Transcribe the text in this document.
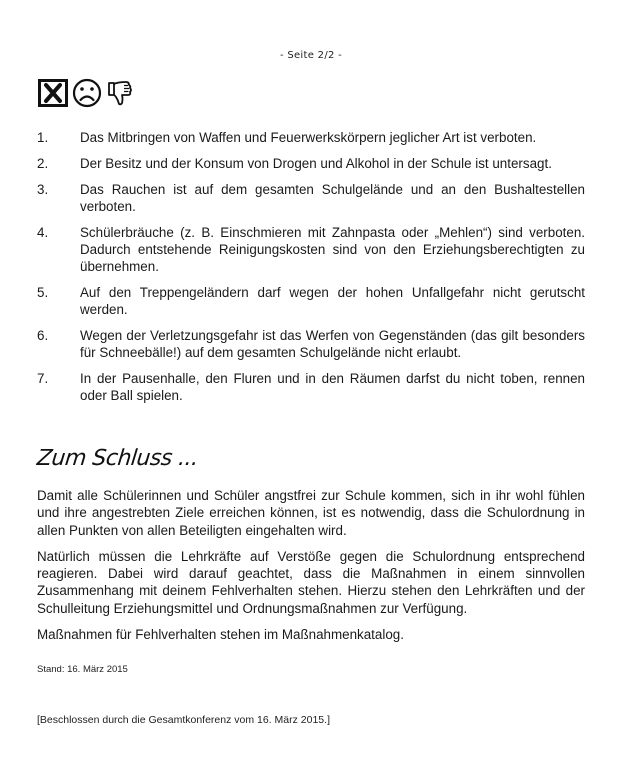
- Seite 2/2 -
1.	Das Mitbringen von Waffen und Feuerwerkskörpern jeglicher Art ist verboten.
2.	Der Besitz und der Konsum von Drogen und Alkohol in der Schule ist untersagt.
3.	Das Rauchen ist auf dem gesamten Schulgelände und an den Bushaltestellen verboten.
4.	Schülerbräuche (z. B. Einschmieren mit Zahnpasta oder „Mehlen“) sind verboten. Dadurch entstehende Reinigungskosten sind von den Erziehungsberechtigten zu übernehmen.
5.	Auf den Treppengeländern darf wegen der hohen Unfallgefahr nicht gerutscht werden.
6.	Wegen der Verletzungsgefahr ist das Werfen von Gegenständen (das gilt besonders für Schneebälle!) auf dem gesamten Schulgelände nicht erlaubt.
7.	In der Pausenhalle, den Fluren und in den Räumen darfst du nicht toben, rennen oder Ball spielen.
Zum Schluss ...

Damit alle Schülerinnen und Schüler angstfrei zur Schule kommen, sich in ihr wohl fühlen und ihre angestrebten Ziele erreichen können, ist es notwendig, dass die Schulordnung in allen Punkten von allen Beteiligten eingehalten wird.

Natürlich müssen die Lehrkräfte auf Verstöße gegen die Schulordnung entsprechend reagieren. Dabei wird darauf geachtet, dass die Maßnahmen in einem sinnvollen Zusammenhang mit deinem Fehlverhalten stehen. Hierzu stehen den Lehrkräften und der Schulleitung Erziehungsmittel und Ordnungsmaßnahmen zur Verfügung.

Maßnahmen für Fehlverhalten stehen im Maßnahmenkatalog.

Stand: 16. März 2015
[Beschlossen durch die Gesamtkonferenz vom 16. März 2015.]
